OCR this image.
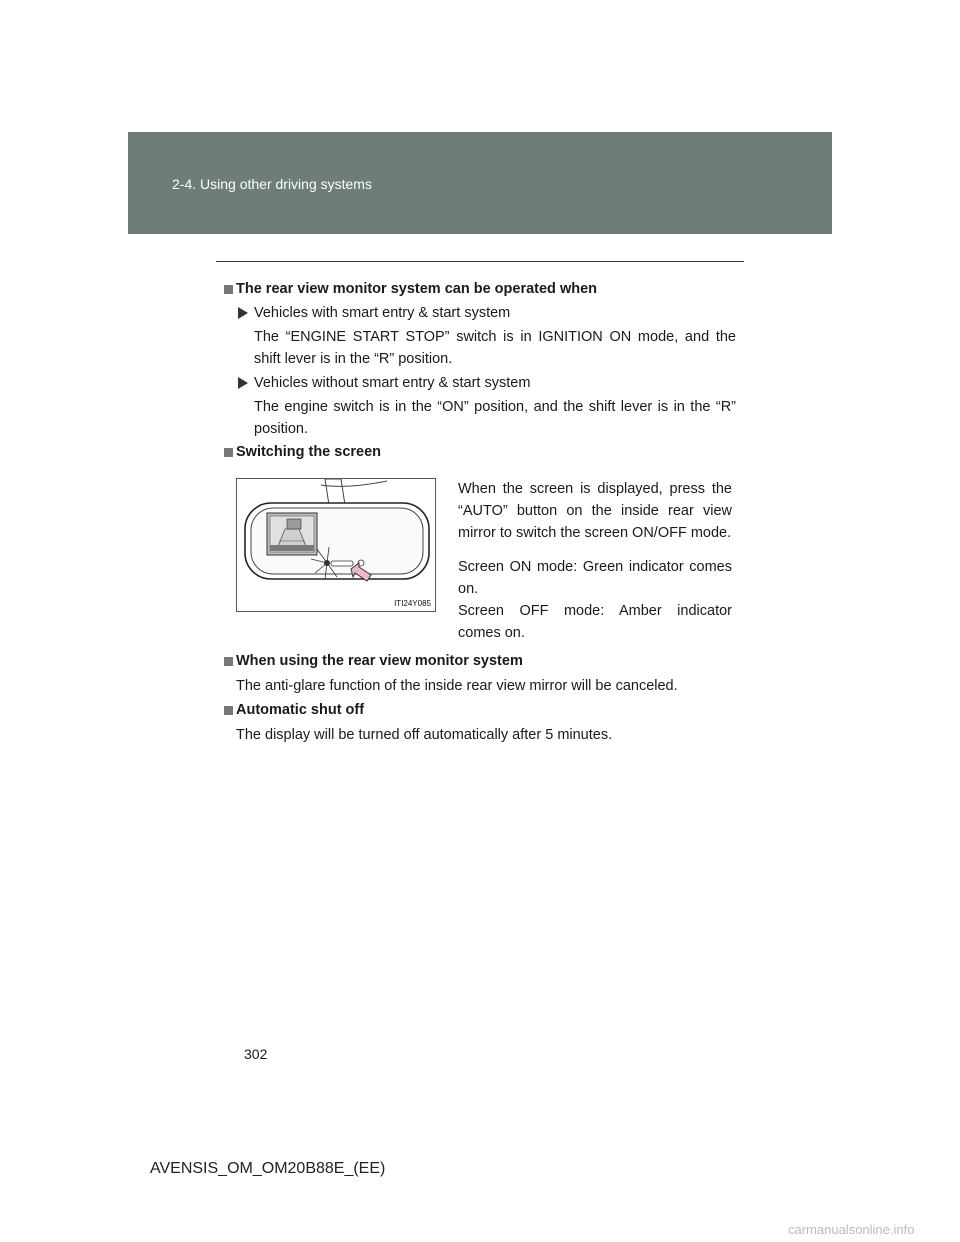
2-4. Using other driving systems
The rear view monitor system can be operated when
Vehicles with smart entry & start system
The “ENGINE START STOP” switch is in IGNITION ON mode, and the shift lever is in the “R” position.
Vehicles without smart entry & start system
The engine switch is in the “ON” position, and the shift lever is in the “R” position.
Switching the screen
ITI24Y085
When the screen is displayed, press the “AUTO” button on the inside rear view mirror to switch the screen ON/OFF mode.
Screen ON mode: Green indicator comes on.
Screen OFF mode: Amber indicator comes on.
When using the rear view monitor system
The anti-glare function of the inside rear view mirror will be canceled.
Automatic shut off
The display will be turned off automatically after 5 minutes.
302
AVENSIS_OM_OM20B88E_(EE)
carmanualsonline.info
